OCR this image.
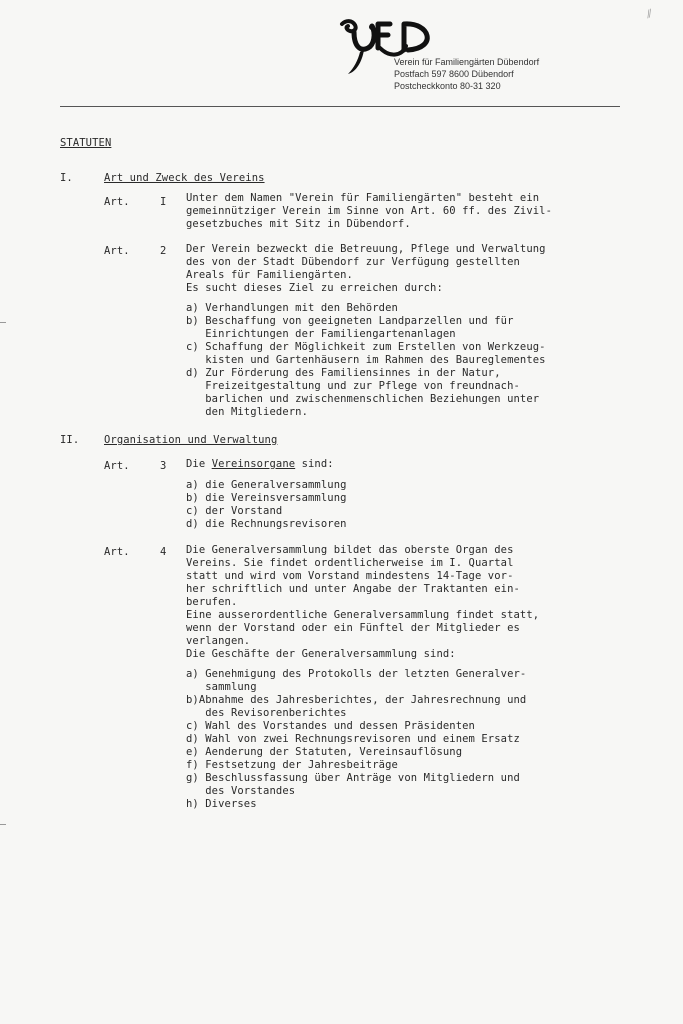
Verein für Familiengärten Dübendorf
Postfach 597 8600 Dübendorf
Postcheckkonto 80-31 320
⁄⁄
STATUTEN
I.	Art und Zweck des Vereins
Art.	I Unter dem Namen "Verein für Familiengärten" besteht ein
gemeinnütziger Verein im Sinne von Art. 60 ff. des Zivil-
gesetzbuches mit Sitz in Dübendorf.
Art.	2 Der Verein bezweckt die Betreuung, Pflege und Verwaltung
des von der Stadt Dübendorf zur Verfügung gestellten
Areals für Familiengärten.
Es sucht dieses Ziel zu erreichen durch:
a) Verhandlungen mit den Behörden
b) Beschaffung von geeigneten Landparzellen und für
Einrichtungen der Familiengartenanlagen
c) Schaffung der Möglichkeit zum Erstellen von Werkzeug-
kisten und Gartenhäusern im Rahmen des Baureglementes
d) Zur Förderung des Familiensinnes in der Natur,
Freizeitgestaltung und zur Pflege von freundnach-
barlichen und zwischenmenschlichen Beziehungen unter
den Mitgliedern.
II. Organisation und Verwaltung
Art.	3 Die Vereinsorgane sind:
a) die Generalversammlung
b) die Vereinsversammlung
c) der Vorstand
d) die Rechnungsrevisoren
Art.	4 Die Generalversammlung bildet das oberste Organ des
Vereins. Sie findet ordentlicherweise im I. Quartal
statt und wird vom Vorstand mindestens 14-Tage vor-
her schriftlich und unter Angabe der Traktanten ein-
berufen.
Eine ausserordentliche Generalversammlung findet statt,
wenn der Vorstand oder ein Fünftel der Mitglieder es
verlangen.
Die Geschäfte der Generalversammlung sind:
a) Genehmigung des Protokolls der letzten Generalver-
sammlung
b)Abnahme des Jahresberichtes, der Jahresrechnung und
des Revisorenberichtes
c) Wahl des Vorstandes und dessen Präsidenten
d) Wahl von zwei Rechnungsrevisoren und einem Ersatz
e) Aenderung der Statuten, Vereinsauflösung
f) Festsetzung der Jahresbeiträge
g) Beschlussfassung über Anträge von Mitgliedern und
des Vorstandes
h) Diverses
